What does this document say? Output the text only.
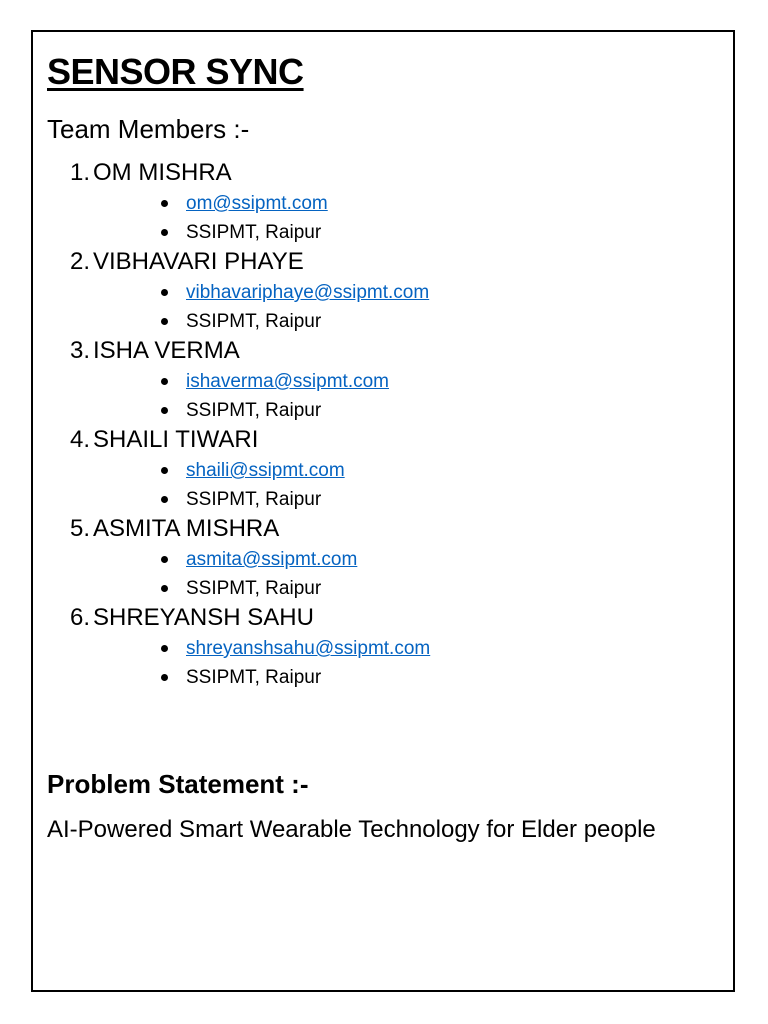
SENSOR SYNC
Team Members :-
1. OM MISHRA
om@ssipmt.com
SSIPMT, Raipur
2. VIBHAVARI PHAYE
vibhavariphaye@ssipmt.com
SSIPMT, Raipur
3. ISHA VERMA
ishaverma@ssipmt.com
SSIPMT, Raipur
4. SHAILI TIWARI
shaili@ssipmt.com
SSIPMT, Raipur
5. ASMITA MISHRA
asmita@ssipmt.com
SSIPMT, Raipur
6. SHREYANSH SAHU
shreyanshsahu@ssipmt.com
SSIPMT, Raipur
Problem Statement :-
AI-Powered Smart Wearable Technology for Elder people
